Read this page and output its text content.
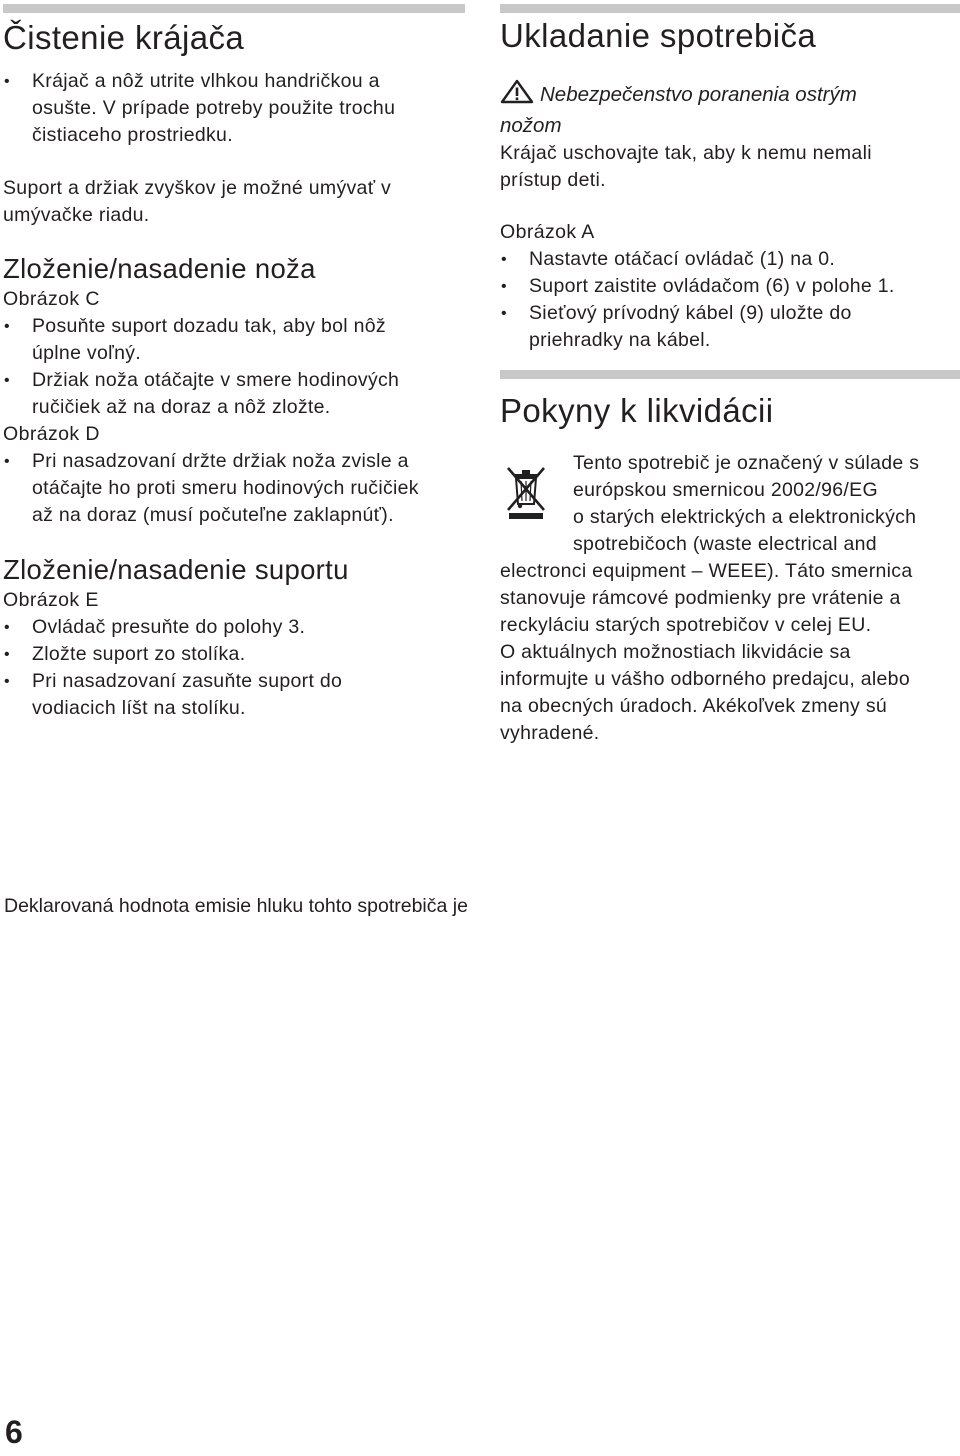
Čistenie krájača
• Krájač a nôž utrite vlhkou handričkou a
osušte. V prípade potreby použite trochu
čistiaceho prostriedku.

Suport a držiak zvyškov je možné umývať v
umývačke riadu.

Zloženie/nasadenie noža
Obrázok C
• Posuňte suport dozadu tak, aby bol nôž
úplne voľný.
• Držiak noža otáčajte v smere hodinových
ručičiek až na doraz a nôž zložte.
Obrázok D
• Pri nasadzovaní držte držiak noža zvisle a
otáčajte ho proti smeru hodinových ručičiek
až na doraz (musí počuteľne zaklapnúť).
Zloženie/nasadenie suportu
Obrázok E
• Ovládač presuňte do polohy 3.
• Zložte suport zo stolíka.
• Pri nasadzovaní zasuňte suport do
vodiacich líšt na stolíku.
Ukladanie spotrebiča
Nebezpečenstvo poranenia ostrým
nožom

Krájač uschovajte tak, aby k nemu nemali
prístup deti.

Obrázok A
• Nastavte otáčací ovládač (1) na 0.
• Suport zaistite ovládačom (6) v polohe 1.
• Sieťový prívodný kábel (9) uložte do
priehradky na kábel.
Pokyny k likvidácii

Tento spotrebič je označený v súlade s
európskou smernicou 2002/96/EG
o starých elektrických a elektronických
spotrebičoch (waste electrical and
electronci equipment – WEEE). Táto smernica
stanovuje rámcové podmienky pre vrátenie a
reckyláciu starých spotrebičov v celej EU.
O aktuálnych možnostiach likvidácie sa
informujte u vášho odborného predajcu, alebo
na obecných úradoch. Akékoľvek zmeny sú
vyhradené.

Deklarovaná hodnota emisie hluku tohto spotrebiča je
6
